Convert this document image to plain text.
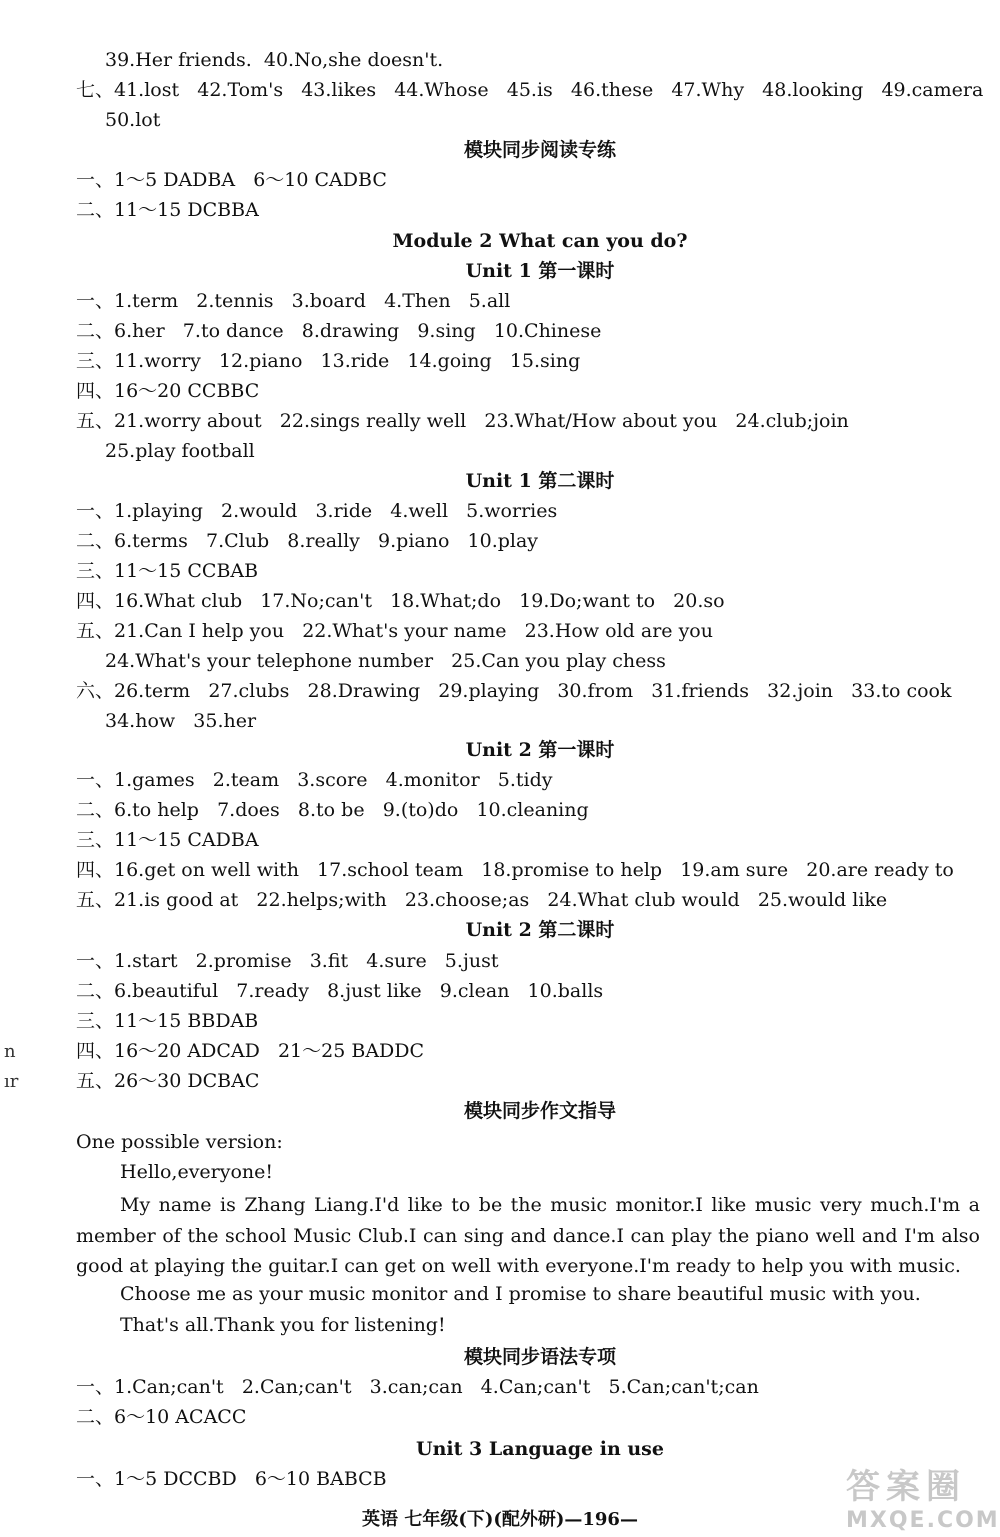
39.Her friends.  40.No,she doesn't.
七、41.lost   42.Tom's   43.likes   44.Whose   45.is   46.these   47.Why   48.looking   49.camera
50.lot
模块同步阅读专练
一、1～5 DADBA   6～10 CADBC
二、11～15 DCBBA
Module 2 What can you do?
Unit 1 第一课时
一、1.term   2.tennis   3.board   4.Then   5.all
二、6.her   7.to dance   8.drawing   9.sing   10.Chinese
三、11.worry   12.piano   13.ride   14.going   15.sing
四、16～20 CCBBC
五、21.worry about   22.sings really well   23.What/How about you   24.club;join
25.play football
Unit 1 第二课时
一、1.playing   2.would   3.ride   4.well   5.worries
二、6.terms   7.Club   8.really   9.piano   10.play
三、11～15 CCBAB
四、16.What club   17.No;can't   18.What;do   19.Do;want to   20.so
五、21.Can I help you   22.What's your name   23.How old are you
24.What's your telephone number   25.Can you play chess
六、26.term   27.clubs   28.Drawing   29.playing   30.from   31.friends   32.join   33.to cook
34.how   35.her
Unit 2 第一课时
一、1.games   2.team   3.score   4.monitor   5.tidy
二、6.to help   7.does   8.to be   9.(to)do   10.cleaning
三、11～15 CADBA
四、16.get on well with   17.school team   18.promise to help   19.am sure   20.are ready to
五、21.is good at   22.helps;with   23.choose;as   24.What club would   25.would like
Unit 2 第二课时
一、1.start   2.promise   3.fit   4.sure   5.just
二、6.beautiful   7.ready   8.just like   9.clean   10.balls
三、11～15 BBDAB
四、16～20 ADCAD   21～25 BADDC
五、26～30 DCBAC
n
ır
模块同步作文指导
One possible version:
Hello,everyone!
My name is Zhang Liang.I'd like to be the music monitor.I like music very much.I'm a member of the school Music Club.I can sing and dance.I can play the piano well and I'm also good at playing the guitar.I can get on well with everyone.I'm ready to help you with music.
Choose me as your music monitor and I promise to share beautiful music with you.
That's all.Thank you for listening!
模块同步语法专项
一、1.Can;can't   2.Can;can't   3.can;can   4.Can;can't   5.Can;can't;can
二、6～10 ACACC
Unit 3 Language in use
一、1～5 DCCBD   6～10 BABCB
英语 七年级(下)(配外研)—196—
答案圈
MXQE.COM
